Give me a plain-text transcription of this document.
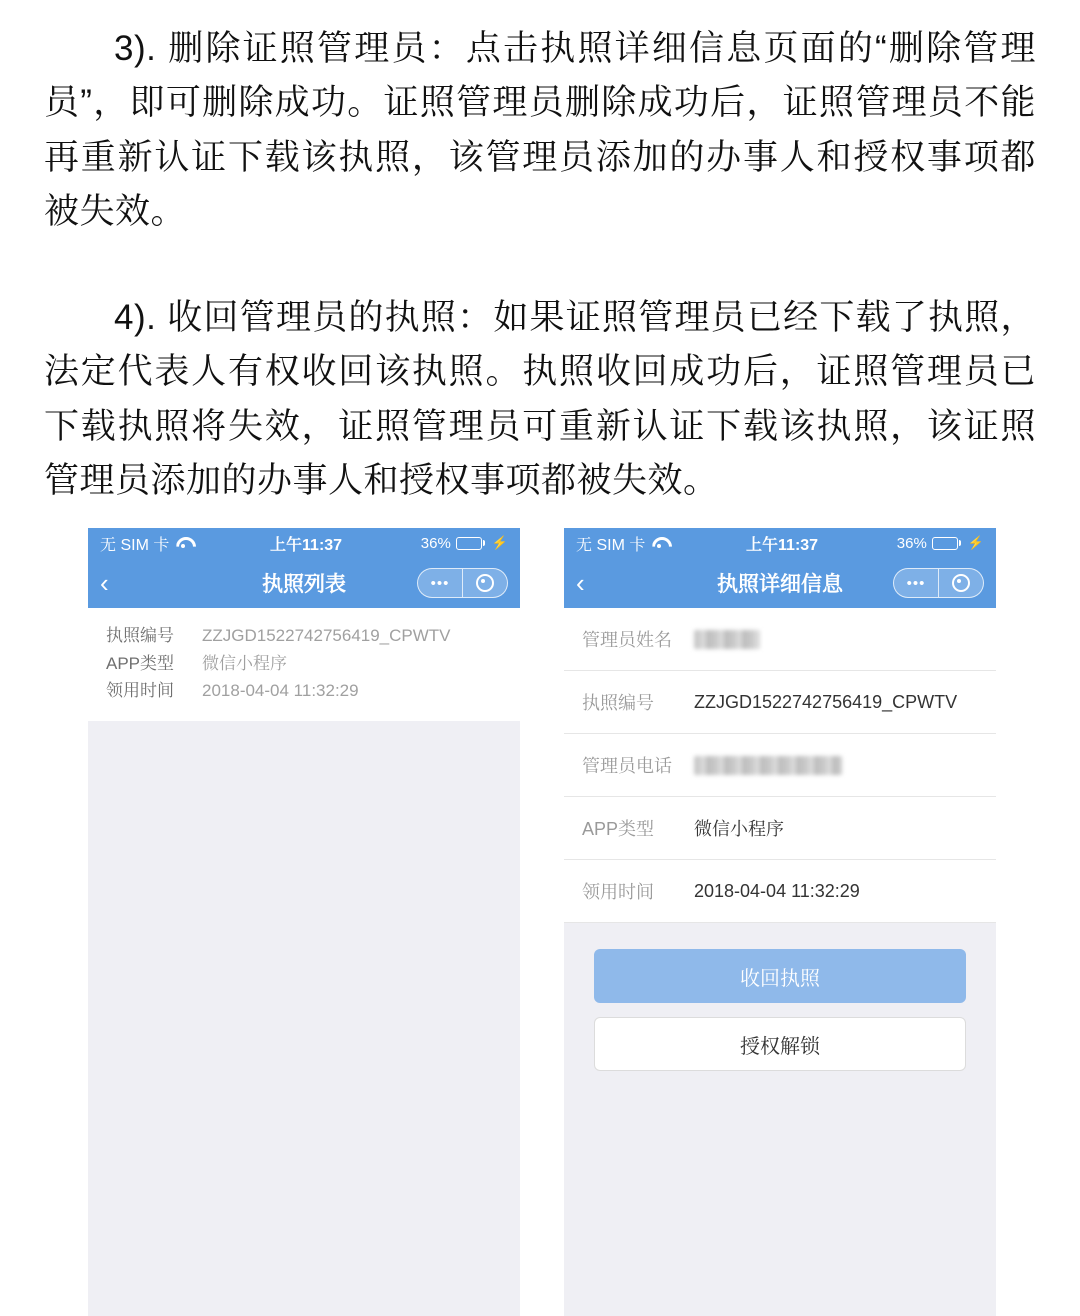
3). 删除证照管理员：点击执照详细信息页面的“删除管理员”，即可删除成功。证照管理员删除成功后，证照管理员不能再重新认证下载该执照，该管理员添加的办事人和授权事项都被失效。

4). 收回管理员的执照：如果证照管理员已经下载了执照，法定代表人有权收回该执照。执照收回成功后，证照管理员已下载执照将失效，证照管理员可重新认证下载该执照，该证照管理员添加的办事人和授权事项都被失效。

无 SIM 卡	上午11:37	36%	⚡
‹	执照列表	•••
执照编号	ZZJGD1522742756419_CPWTV
APP类型	微信小程序
领用时间	2018-04-04 11:32:29
无 SIM 卡	上午11:37	36%	⚡
‹	执照详细信息	•••
管理员姓名
执照编号	ZZJGD1522742756419_CPWTV
管理员电话
APP类型	微信小程序
领用时间	2018-04-04 11:32:29
收回执照
授权解锁
